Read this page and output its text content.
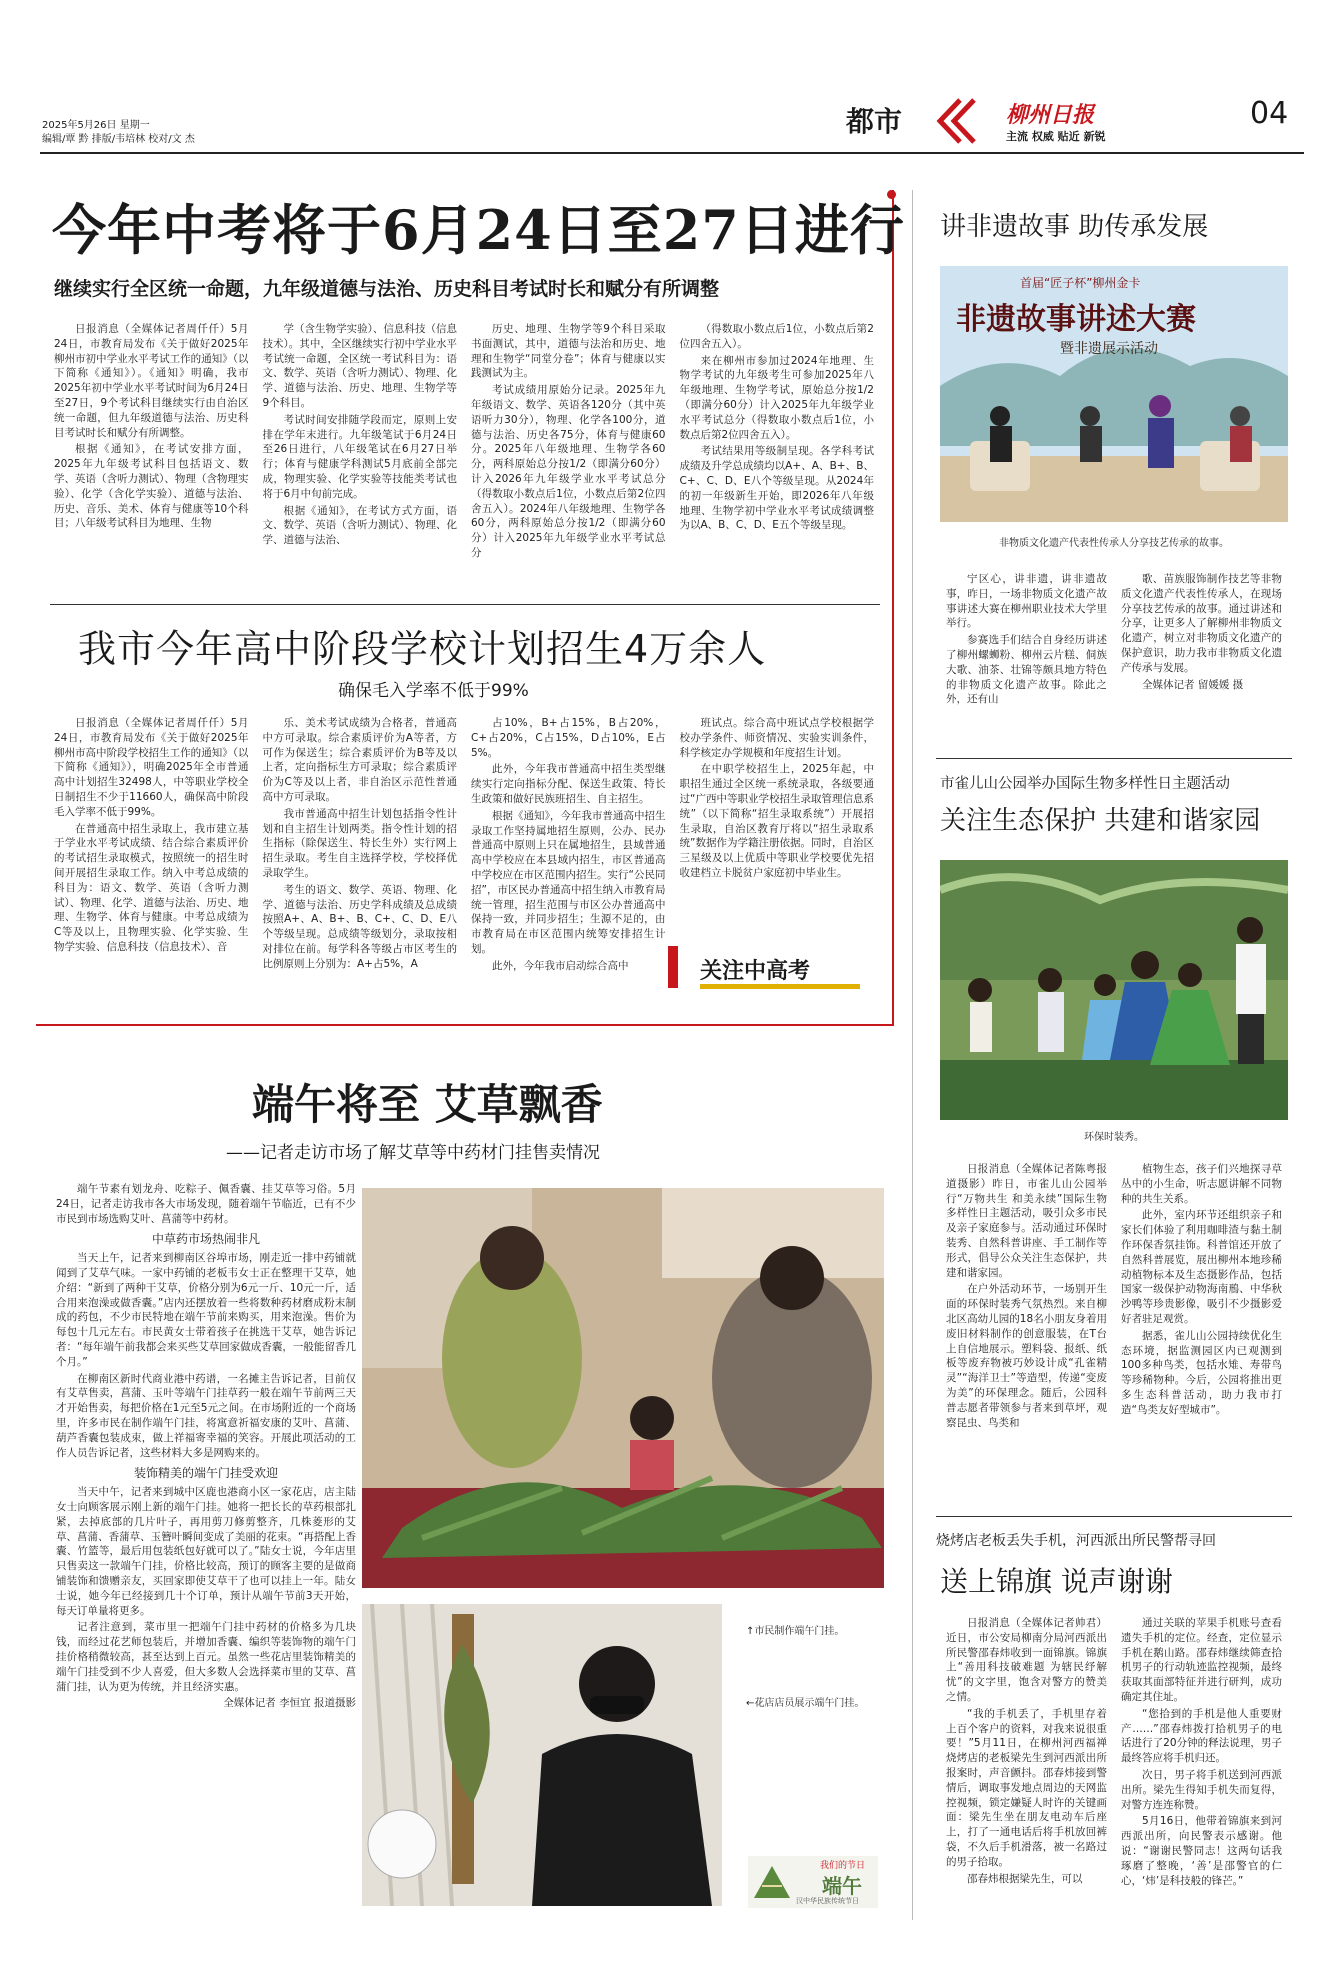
2025年5月26日 星期一
编辑/覃 黔 排版/韦培林 校对/文 杰
都市	柳州日报
主流 权威 贴近 新锐
04
今年中考将于6月24日至27日进行
继续实行全区统一命题，九年级道德与法治、历史科目考试时长和赋分有所调整

日报消息（全媒体记者周仟仟）5月24日，市教育局发布《关于做好2025年柳州市初中学业水平考试工作的通知》（以下简称《通知》）。《通知》明确，我市2025年初中学业水平考试时间为6月24日至27日，9个考试科目继续实行由自治区统一命题，但九年级道德与法治、历史科目考试时长和赋分有所调整。

根据《通知》，在考试安排方面，2025年九年级考试科目包括语文、数学、英语（含听力测试）、物理（含物理实验）、化学（含化学实验）、道德与法治、历史、音乐、美术、体育与健康等10个科目；八年级考试科目为地理、生物

学（含生物学实验）、信息科技（信息技术）。其中，全区继续实行初中学业水平考试统一命题，全区统一考试科目为：语文、数学、英语（含听力测试）、物理、化学、道德与法治、历史、地理、生物学等9个科目。

考试时间安排随学段而定，原则上安排在学年末进行。九年级笔试于6月24日至26日进行，八年级笔试在6月27日举行；体育与健康学科测试5月底前全部完成，物理实验、化学实验等技能类考试也将于6月中旬前完成。

根据《通知》，在考试方式方面，语文、数学、英语（含听力测试）、物理、化学、道德与法治、

历史、地理、生物学等9个科目采取书面测试，其中，道德与法治和历史、地理和生物学“同堂分卷”；体育与健康以实践测试为主。

考试成绩用原始分记录。2025年九年级语文、数学、英语各120分（其中英语听力30分），物理、化学各100分，道德与法治、历史各75分，体育与健康60分。2025年八年级地理、生物学各60分，两科原始总分按1/2（即满分60分）计入2026年九年级学业水平考试总分（得数取小数点后1位，小数点后第2位四舍五入）。2024年八年级地理、生物学各60分，两科原始总分按1/2（即满分60分）计入2025年九年级学业水平考试总分

（得数取小数点后1位，小数点后第2位四舍五入）。

来在柳州市参加过2024年地理、生物学考试的九年级考生可参加2025年八年级地理、生物学考试，原始总分按1/2（即满分60分）计入2025年九年级学业水平考试总分（得数取小数点后1位，小数点后第2位四舍五入）。

考试结果用等级制呈现。各学科考试成绩及升学总成绩均以A+、A、B+、B、C+、C、D、E八个等级呈现。从2024年的初一年级新生开始，即2026年八年级地理、生物学初中学业水平考试成绩调整为以A、B、C、D、E五个等级呈现。

我市今年高中阶段学校计划招生4万余人
确保毛入学率不低于99%

日报消息（全媒体记者周仟仟）5月24日，市教育局发布《关于做好2025年柳州市高中阶段学校招生工作的通知》（以下简称《通知》），明确2025年全市普通高中计划招生32498人，中等职业学校全日制招生不少于11660人，确保高中阶段毛入学率不低于99%。

在普通高中招生录取上，我市建立基于学业水平考试成绩、结合综合素质评价的考试招生录取模式，按照统一的招生时间开展招生录取工作。纳入中考总成绩的科目为：语文、数学、英语（含听力测试）、物理、化学、道德与法治、历史、地理、生物学、体育与健康。中考总成绩为C等及以上，且物理实验、化学实验、生物学实验、信息科技（信息技术）、音

乐、美术考试成绩为合格者，普通高中方可录取。综合素质评价为A等者，方可作为保送生；综合素质评价为B等及以上者，定向指标生方可录取；综合素质评价为C等及以上者，非自治区示范性普通高中方可录取。

我市普通高中招生计划包括指令性计划和自主招生计划两类。指令性计划的招生指标（除保送生、特长生外）实行网上招生录取。考生自主选择学校，学校择优录取学生。

考生的语文、数学、英语、物理、化学、道德与法治、历史学科成绩及总成绩按照A+、A、B+、B、C+、C、D、E八个等级呈现。总成绩等级划分，录取按相对排位在前。每学科各等级占市区考生的比例原则上分别为：A+占5%，A

占10%，B+占15%，B占20%，C+占20%，C占15%，D占10%，E占5%。

此外，今年我市普通高中招生类型继续实行定向指标分配、保送生政策、特长生政策和做好民族班招生、自主招生。

根据《通知》，今年我市普通高中招生录取工作坚持属地招生原则，公办、民办普通高中原则上只在属地招生，县域普通高中学校应在本县域内招生，市区普通高中学校应在市区范围内招生。实行“公民同招”，市区民办普通高中招生纳入市教育局统一管理，招生范围与市区公办普通高中保持一致，并同步招生；生源不足的，由市教育局在市区范围内统筹安排招生计划。

此外，今年我市启动综合高中

班试点。综合高中班试点学校根据学校办学条件、师资情况、实验实训条件，科学核定办学规模和年度招生计划。

在中职学校招生上，2025年起，中职招生通过全区统一系统录取，各级要通过“广西中等职业学校招生录取管理信息系统”（以下简称“招生录取系统”）开展招生录取，自治区教育厅将以“招生录取系统”数据作为学籍注册依据。同时，自治区三星级及以上优质中等职业学校要优先招收建档立卡脱贫户家庭初中毕业生。

关注中高考
端午将至 艾草飘香
——记者走访市场了解艾草等中药材门挂售卖情况

端午节素有划龙舟、吃粽子、佩香囊、挂艾草等习俗。5月24日，记者走访我市各大市场发现，随着端午节临近，已有不少市民到市场选购艾叶、菖蒲等中药材。

中草药市场热闹非凡

当天上午，记者来到柳南区谷埠市场，刚走近一排中药铺就闻到了艾草气味。一家中药铺的老板韦女士正在整理干艾草，她介绍：“新到了两种干艾草，价格分别为6元一斤、10元一斤，适合用来泡澡或做香囊。”店内还摆放着一些将数种药材磨成粉末制成的药包，不少市民特地在端午节前来购买，用来泡澡。售价为每包十几元左右。市民黄女士带着孩子在挑选干艾草，她告诉记者：“每年端午前我都会来买些艾草回家做成香囊，一般能留香几个月。”

在柳南区新时代商业港中药谱，一名摊主告诉记者，目前仅有艾草售卖，菖蒲、玉叶等端午门挂草药一般在端午节前两三天才开始售卖，每把价格在1元至5元之间。在市场附近的一个商场里，许多市民在制作端午门挂，将寓意祈福安康的艾叶、菖蒲、葫芦香囊包装成束，做上祥福寄幸福的笑容。开展此项活动的工作人员告诉记者，这些材料大多是网购来的。

装饰精美的端午门挂受欢迎

当天中午，记者来到城中区鹿也港商小区一家花店，店主陆女士向顾客展示刚上新的端午门挂。她将一把长长的草药根部扎紧，去掉底部的几片叶子，再用剪刀修剪整齐，几株菱形的艾草、菖蒲、香蒲草、玉簪叶瞬间变成了美丽的花束。“再搭配上香囊、竹篮等，最后用包装纸包好就可以了。”陆女士说，今年店里只售卖这一款端午门挂，价格比较高，预订的顾客主要的是做商铺装饰和馈赠亲友，买回家即使艾草干了也可以挂上一年。陆女士说，她今年已经接到几十个订单，预计从端午节前3天开始，每天订单量将更多。

记者注意到，菜市里一把端午门挂中药材的价格多为几块钱，而经过花艺师包装后，并增加香囊、编织等装饰物的端午门挂价格稍微较高，甚至达到上百元。虽然一些花店里装饰精美的端午门挂受到不少人喜爱，但大多数人会选择菜市里的艾草、菖蒲门挂，认为更为传统，并且经济实惠。

全媒体记者 李恒宜 报道摄影
↑市民制作端午门挂。
←花店店员展示端午门挂。
我们的节日
端午
汉中华民族传统节日
讲非遗故事 助传承发展
首届“匠子杯”柳州金卡
非遗故事讲述大赛
暨非遗展示活动
非物质文化遗产代表性传承人分享技艺传承的故事。

宁区心，讲非遗，讲非遗故事，昨日，一场非物质文化遗产故事讲述大赛在柳州职业技术大学里举行。

参赛选手们结合自身经历讲述了柳州螺蛳粉、柳州云片糕、侗族大歌、油茶、壮锦等颇具地方特色的非物质文化遗产故事。除此之外，还有山

歌、苗族服饰制作技艺等非物质文化遗产代表性传承人，在现场分享技艺传承的故事。通过讲述和分享，让更多人了解柳州非物质文化遗产，树立对非物质文化遗产的保护意识，助力我市非物质文化遗产传承与发展。

全媒体记者 留媛媛 摄

市雀儿山公园举办国际生物多样性日主题活动
关注生态保护 共建和谐家园
环保时装秀。

日报消息（全媒体记者陈粤报道摄影）昨日，市雀儿山公园举行“万物共生 和美永续”国际生物多样性日主题活动，吸引众多市民及亲子家庭参与。活动通过环保时装秀、自然科普讲座、手工制作等形式，倡导公众关注生态保护，共建和谐家园。

在户外活动环节，一场别开生面的环保时装秀气氛热烈。来自柳北区高幼儿园的18名小朋友身着用废旧材料制作的创意服装，在T台上自信地展示。塑料袋、报纸、纸板等废弃物被巧妙设计成“孔雀精灵”“海洋卫士”等造型，传递“变废为美”的环保理念。随后，公园科普志愿者带领参与者来到草坪，观察昆虫、鸟类和

植物生态，孩子们兴地探寻草丛中的小生命，听志愿讲解不同物种的共生关系。

此外，室内环节还组织亲子和家长们体验了利用咖啡渣与黏土制作环保香氛挂饰。科普馆还开放了自然科普展览，展出柳州本地珍稀动植物标本及生态摄影作品，包括国家一级保护动物海南鳽、中华秋沙鸭等珍贵影像，吸引不少摄影爱好者驻足观赏。

据悉，雀儿山公园持续优化生态环境，据监测园区内已观测到100多种鸟类，包括水雉、寿带鸟等珍稀物种。今后，公园将推出更多生态科普活动，助力我市打造“鸟类友好型城市”。

烧烤店老板丢失手机，河西派出所民警帮寻回
送上锦旗 说声谢谢

日报消息（全媒体记者帅君）近日，市公安局柳南分局河西派出所民警邵春炜收到一面锦旗。锦旗上“善用科技破难题 为辖民纾解忧”的文字里，饱含对警方的赞美之情。

“我的手机丢了，手机里存着上百个客户的资料，对我来说很重要！”5月11日，在柳州河西福禅烧烤店的老板梁先生到河西派出所报案时，声音颤抖。邵春炜接到警情后，调取事发地点周边的天网监控视频，锁定嫌疑人时许的关键画面：梁先生坐在朋友电动车后座上，打了一通电话后将手机放回裤袋，不久后手机滑落，被一名路过的男子拾取。

邵春炜根据梁先生，可以

通过关联的苹果手机账号查看遗失手机的定位。经查，定位显示手机在鹅山路。邵春炜继续筛查拾机男子的行动轨迹监控视频，最终获取其面部特征并进行研判，成功确定其住址。

“您拾到的手机是他人重要财产……”邵春炜拨打拾机男子的电话进行了20分钟的释法说理，男子最终答应将手机归还。

次日，男子将手机送到河西派出所。梁先生得知手机失而复得，对警方连连称赞。

5月16日，他带着锦旗来到河西派出所，向民警表示感谢。他说：“谢谢民警同志！这两句话我琢磨了整晚，‘善’是邵警官的仁心，‘炜’是科技般的锋芒。”
